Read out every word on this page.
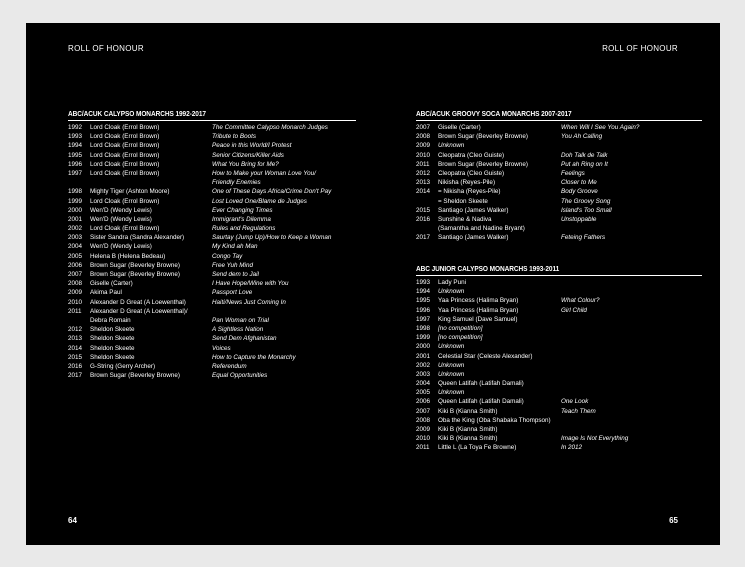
ROLL OF HONOUR
ABC/ACUK CALYPSO MONARCHS 1992-2017
1992 Lord Cloak (Errol Brown)	The Committee Calypso Monarch Judges
1993 Lord Cloak (Errol Brown)	Tribute to Boots
1994 Lord Cloak (Errol Brown)	Peace in this World/I Protest
1995 Lord Cloak (Errol Brown)	Senior Citizens/Killer Aids
1996 Lord Cloak (Errol Brown)	What You Bring for Me?
1997 Lord Cloak (Errol Brown)	How to Make your Woman Love You/
Friendly Enemies
1998 Mighty Tiger (Ashton Moore)	One of These Days Africa/Crime Don't Pay
1999 Lord Cloak (Errol Brown)	Lost Loved One/Blame de Judges
2000 Wen'D (Wendy Lewis)	Ever Changing Times
2001 Wen'D (Wendy Lewis)	Immigrant's Dilemma
2002 Lord Cloak (Errol Brown)	Rules and Regulations
2003 Sister Sandra (Sandra Alexander)	Saurtay (Jump Up)/How to Keep a Woman
2004 Wen'D (Wendy Lewis)	My Kind ah Man
2005 Helena B (Helena Bedeau)	Congo Tay
2006 Brown Sugar (Beverley Browne)	Free Yuh Mind
2007 Brown Sugar (Beverley Browne)	Send dem to Jail
2008 Giselle (Carter)	I Have Hope/Wine with You
2009 Akima Paul	Passport Love
2010 Alexander D Great (A Loewenthal)	Haiti/News Just Coming In
2011 Alexander D Great (A Loewenthal)/
Debra Romain	Pan Woman on Trial
2012 Sheldon Skeete	A Sightless Nation
2013 Sheldon Skeete	Send Dem Afghanistan
2014 Sheldon Skeete	Voices
2015 Sheldon Skeete	How to Capture the Monarchy
2016 G-String (Gerry Archer)	Referendum
2017 Brown Sugar (Beverley Browne)	Equal Opportunities
64
ROLL OF HONOUR
ABC/ACUK GROOVY SOCA MONARCHS 2007-2017
2007 Giselle (Carter)	When Will I See You Again?
2008 Brown Sugar (Beverley Browne)	You Ah Calling
2009 Unknown
2010 Cleopatra (Cleo Guiste)	Doh Talk de Talk
2011 Brown Sugar (Beverley Browne)	Put ah Ring on It
2012 Cleopatra (Cleo Guiste)	Feelings
2013 Nikisha (Reyes-Pile)	Closer to Me
2014 = Nikisha (Reyes-Pile)	Body Groove
= Sheldon Skeete	The Groovy Song
2015 Santiago (James Walker)	Island's Too Small
2016 Sunshine & Nadiva	Unstoppable
(Samantha and Nadine Bryant)
2017 Santiago (James Walker)	Feteing Fathers
ABC JUNIOR CALYPSO MONARCHS 1993-2011
1993 Lady Puni
1994 Unknown
1995 Yaa Princess (Halima Bryan)	What Colour?
1996 Yaa Princess (Halima Bryan)	Girl Child
1997 King Samuel (Dave Samuel)
1998 [no competition]
1999 [no competition]
2000 Unknown
2001 Celestial Star (Celeste Alexander)
2002 Unknown
2003 Unknown
2004 Queen Latifah (Latifah Damali)
2005 Unknown
2006 Queen Latifah (Latifah Damali)	One Look
2007 Kiki B (Kianna Smith)	Teach Them
2008 Oba the King (Oba Shabaka Thompson)
2009 Kiki B (Kianna Smith)
2010 Kiki B (Kianna Smith)	Image Is Not Everything
2011 Little L (La Toya Fe Browne)	In 2012
65
